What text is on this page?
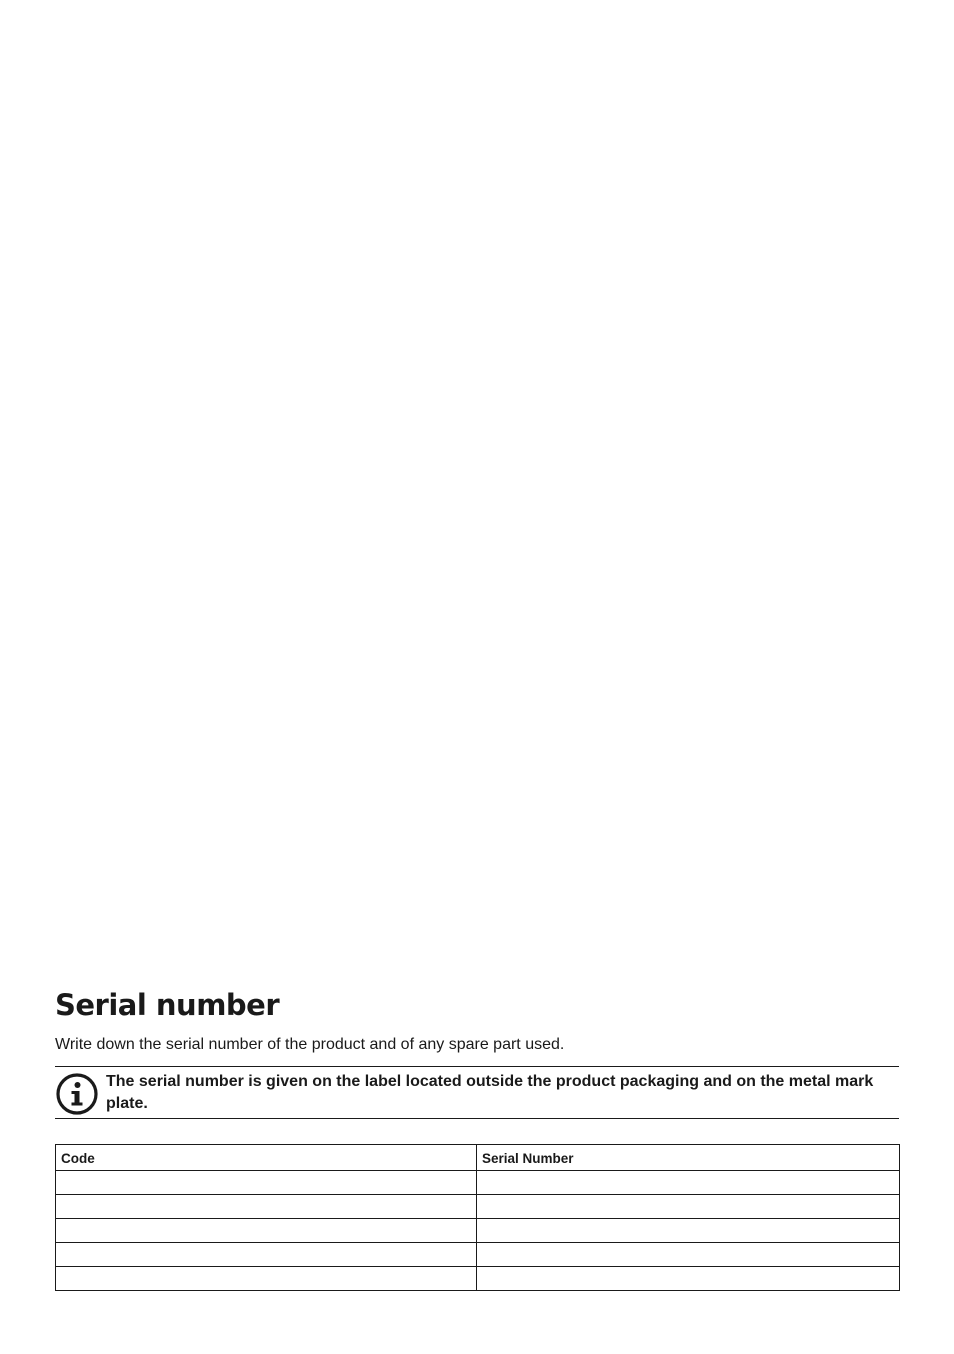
Serial number

Write down the serial number of the product and of any spare part used.

The serial number is given on the label located outside the product packaging and on the metal mark plate.

Code	Serial Number
